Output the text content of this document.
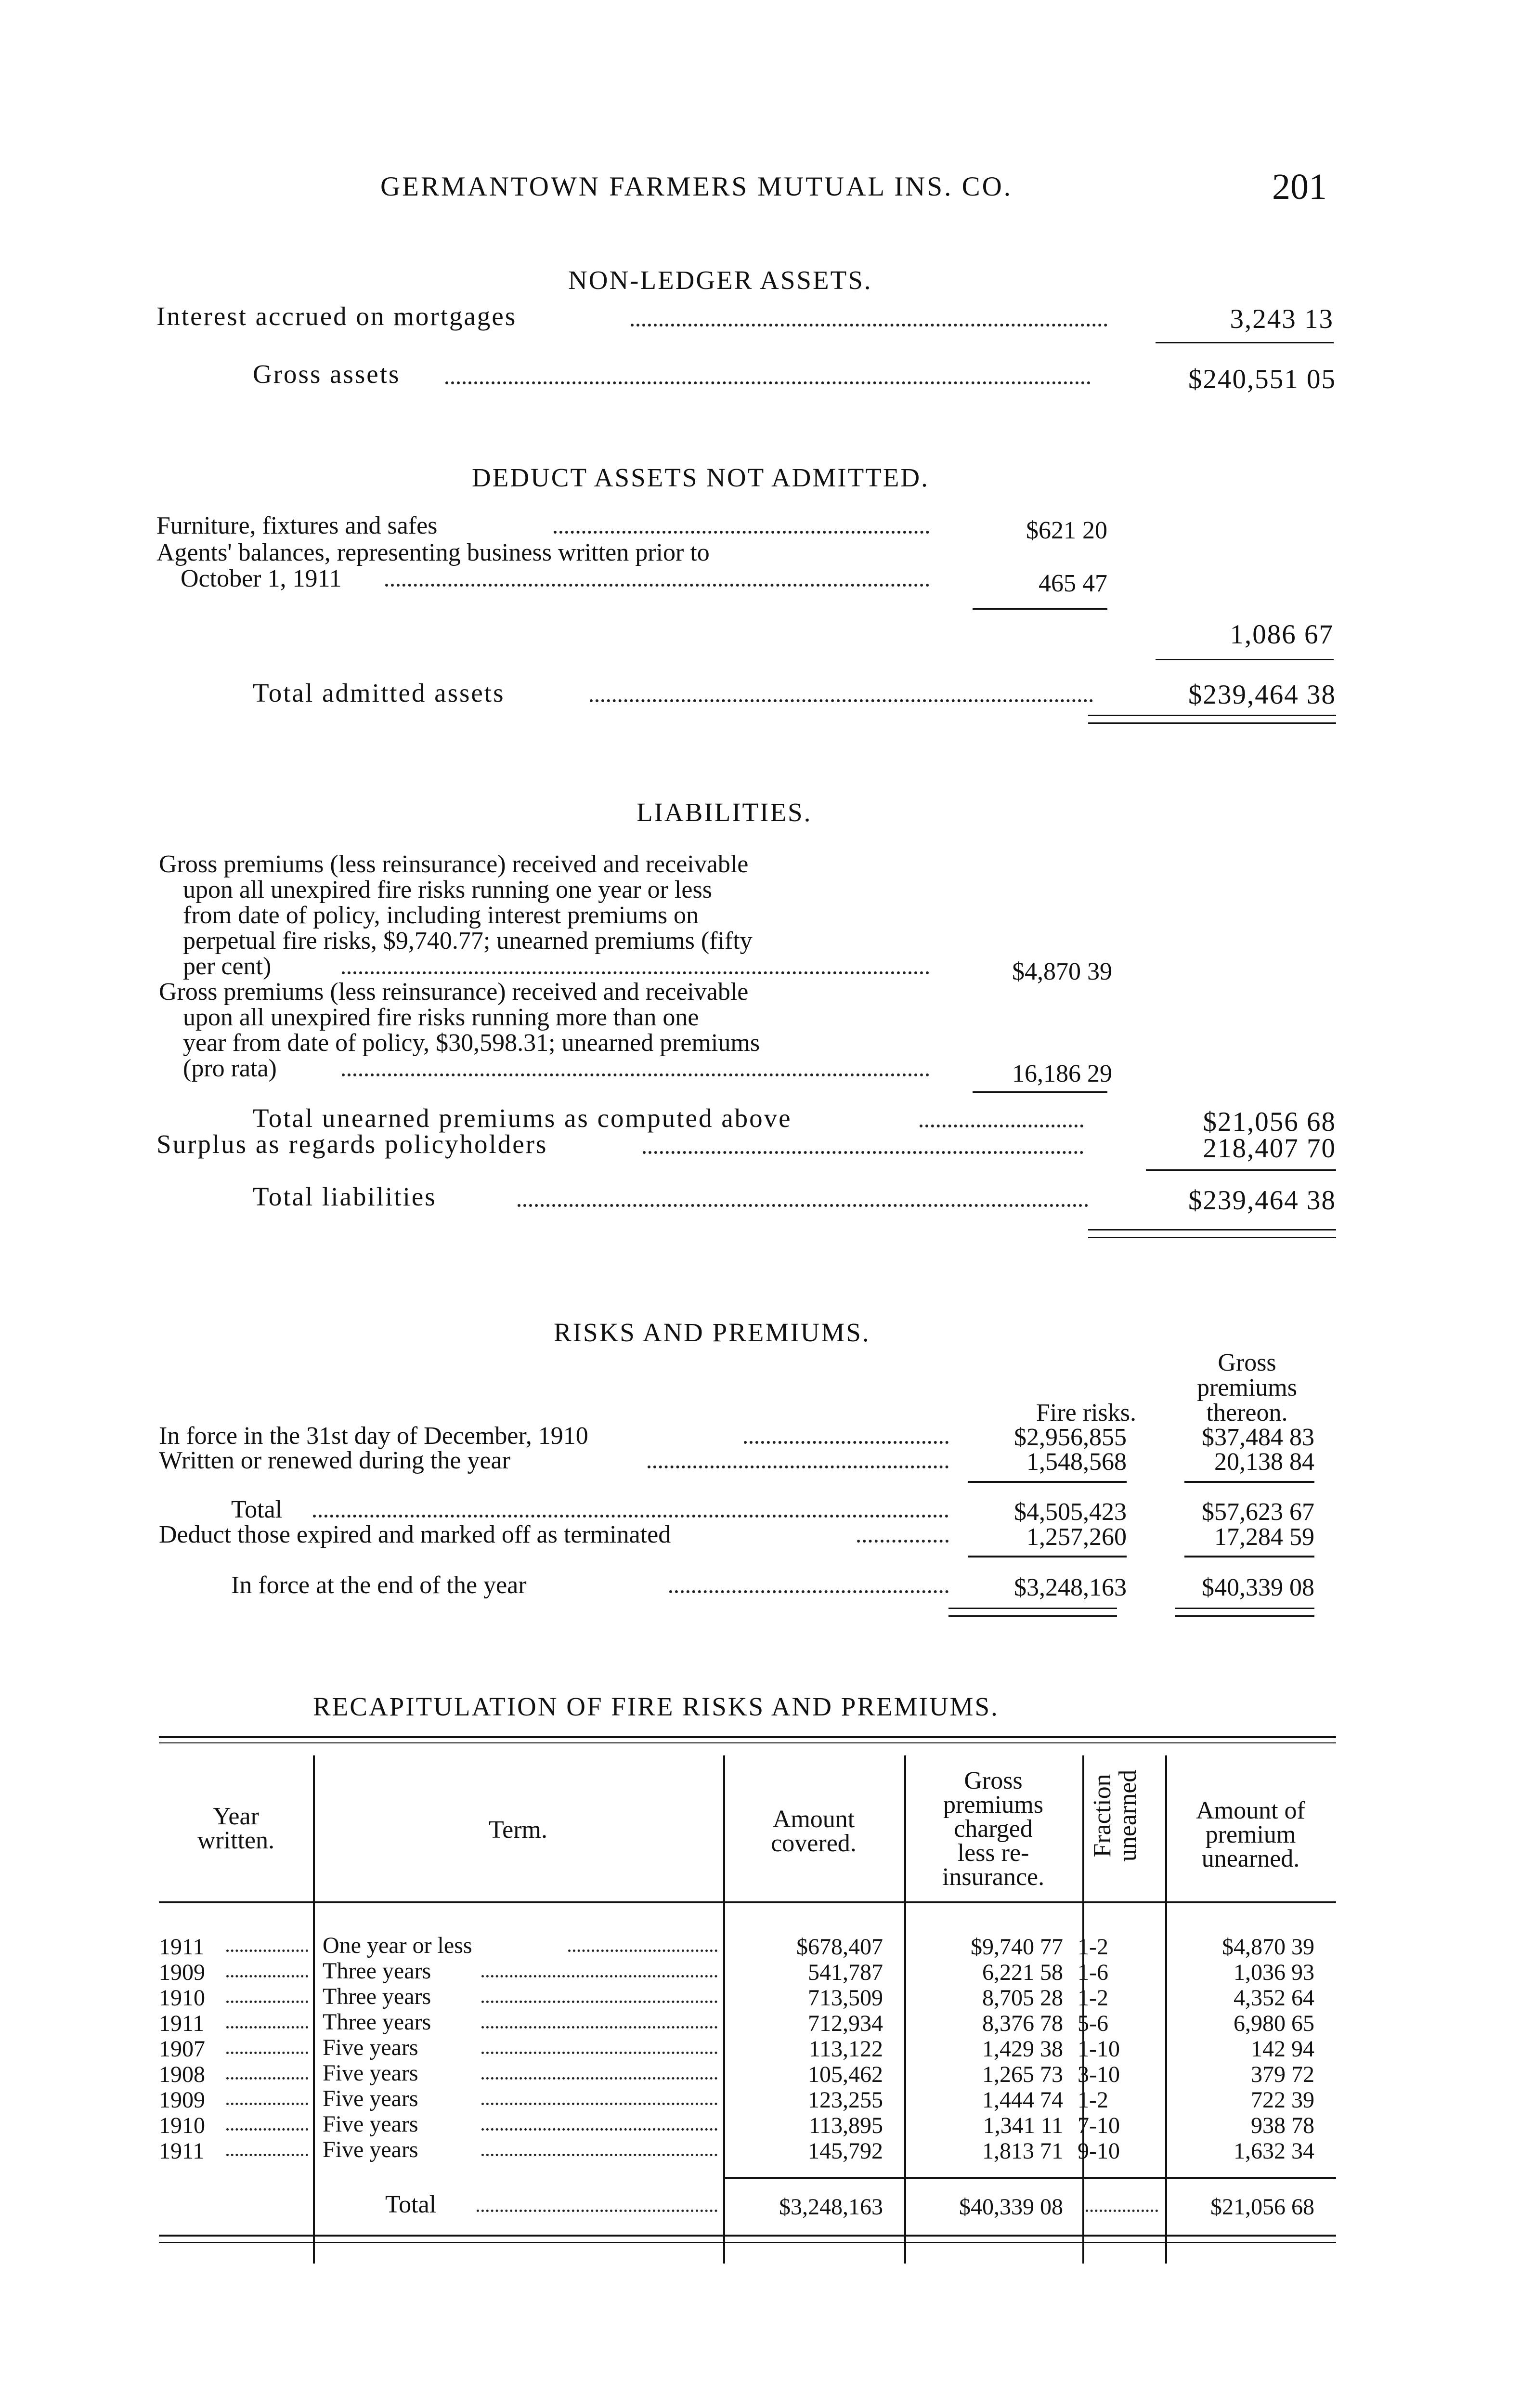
GERMANTOWN FARMERS MUTUAL INS. CO.	201
NON-LEDGER ASSETS.
Interest accrued on mortgages	3,243 13
Gross assets	$240,551 05
DEDUCT ASSETS NOT ADMITTED.
Furniture, fixtures and safes	$621 20
Agents' balances, representing business written prior to
October 1, 1911	465 47
1,086 67
Total admitted assets	$239,464 38
LIABILITIES.
Gross premiums (less reinsurance) received and receivable
upon all unexpired fire risks running one year or less
from date of policy, including interest premiums on
perpetual fire risks, $9,740.77; unearned premiums (fifty
per cent)	$4,870 39
Gross premiums (less reinsurance) received and receivable
upon all unexpired fire risks running more than one
year from date of policy, $30,598.31; unearned premiums
(pro rata)	16,186 29
Total unearned premiums as computed above	$21,056 68
Surplus as regards policyholders	218,407 70
Total liabilities	$239,464 38
RISKS AND PREMIUMS.
Gross
premiums
thereon.
Fire risks.
In force in the 31st day of December, 1910	$2,956,855	$37,484 83
Written or renewed during the year	1,548,568	20,138 84
Total	$4,505,423	$57,623 67
Deduct those expired and marked off as terminated	1,257,260	17,284 59
In force at the end of the year	$3,248,163	$40,339 08
RECAPITULATION OF FIRE RISKS AND PREMIUMS.
Year
written.	Term.	Amount
covered.
Gross
premiums
charged
less re-
insurance.
Fraction
unearned	Amount of
premium
unearned.
1911	One year or less	$678,407	$9,740 77 1-2	$4,870 39
1909	Three years	541,787	6,221 58 1-6	1,036 93
1910	Three years	713,509	8,705 28 1-2	4,352 64
1911	Three years	712,934	8,376 78 5-6	6,980 65
1907	Five years	113,122	1,429 38 1-10	142 94
1908	Five years	105,462	1,265 73 3-10	379 72
1909	Five years	123,255	1,444 74 1-2	722 39
1910	Five years	113,895	1,341 11 7-10	938 78
1911	Five years	145,792	1,813 71 9-10	1,632 34
Total	$3,248,163	$40,339 08	$21,056 68
